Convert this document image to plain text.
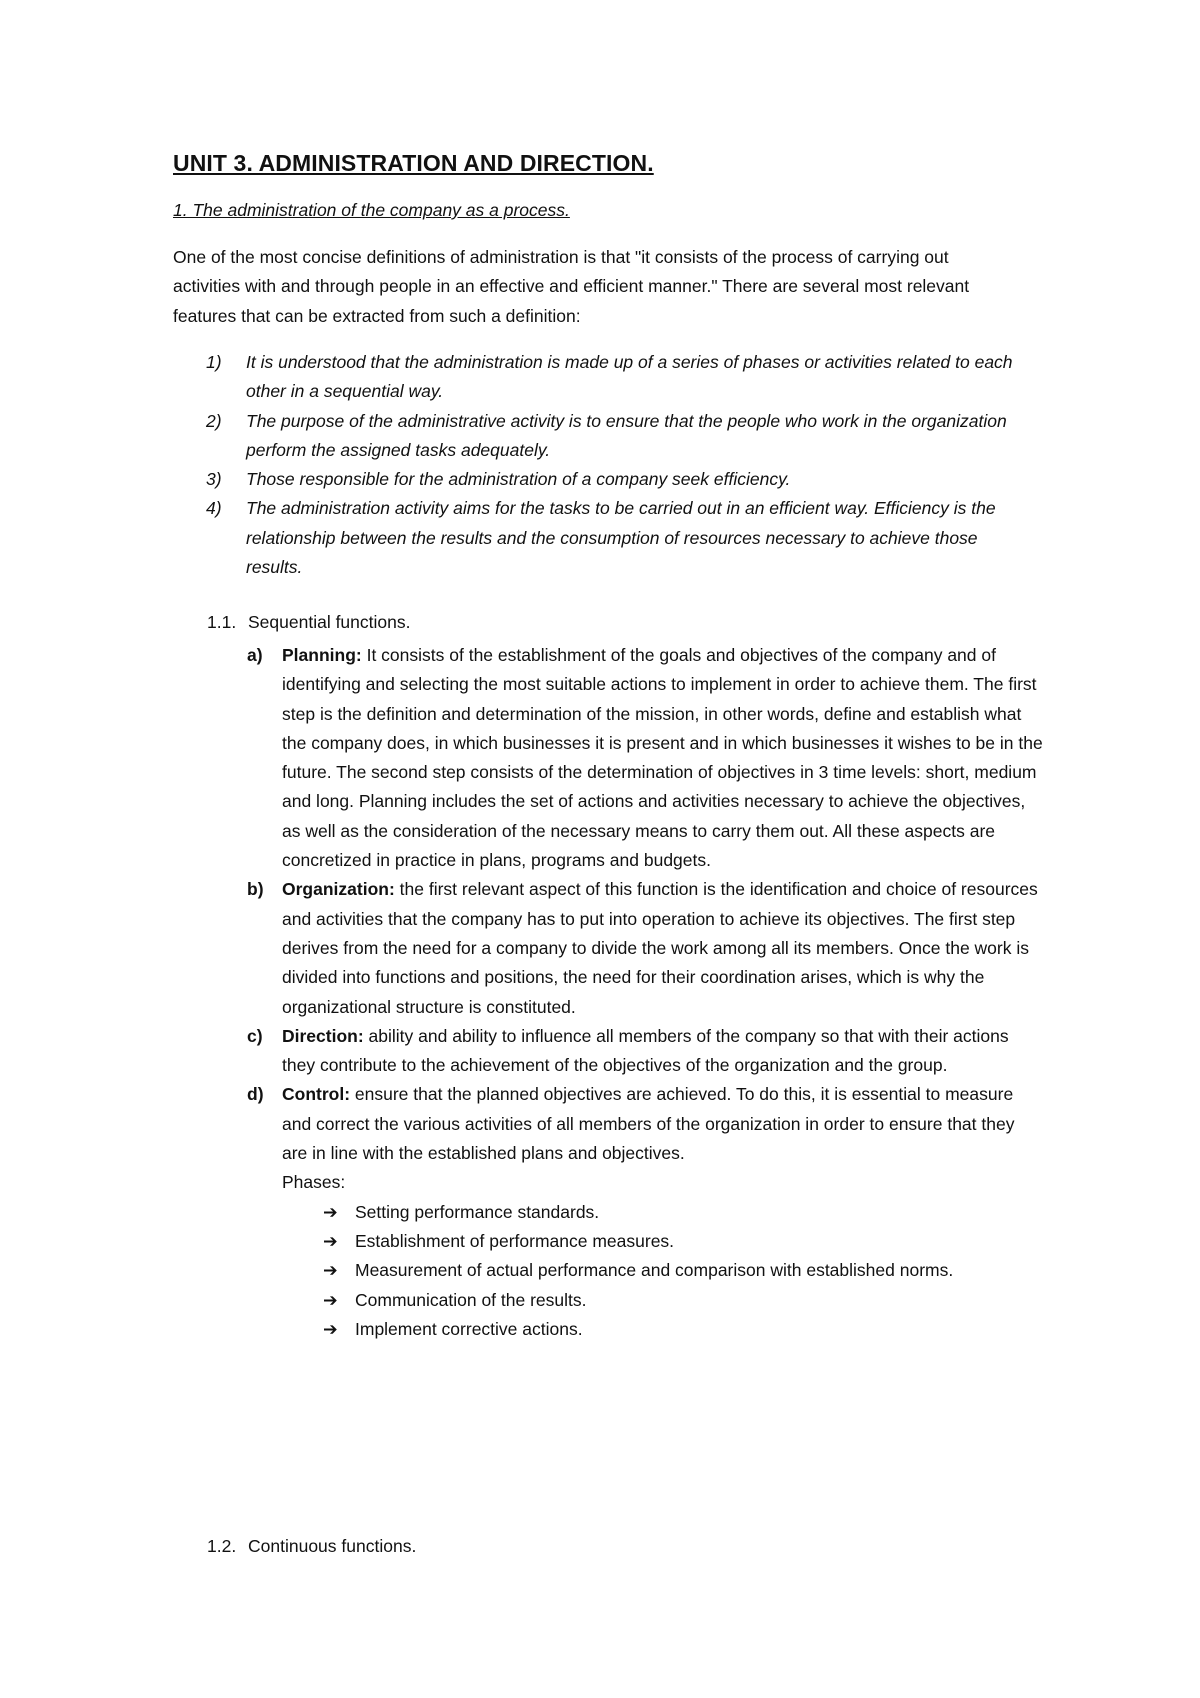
UNIT 3. ADMINISTRATION AND DIRECTION.
1. The administration of the company as a process.
One of the most concise definitions of administration is that "it consists of the process of carrying out activities with and through people in an effective and efficient manner." There are several most relevant features that can be extracted from such a definition:
1) It is understood that the administration is made up of a series of phases or activities related to each other in a sequential way.
2) The purpose of the administrative activity is to ensure that the people who work in the organization perform the assigned tasks adequately.
3) Those responsible for the administration of a company seek efficiency.
4) The administration activity aims for the tasks to be carried out in an efficient way. Efficiency is the relationship between the results and the consumption of resources necessary to achieve those results.
1.1. Sequential functions.
a) Planning: It consists of the establishment of the goals and objectives of the company and of identifying and selecting the most suitable actions to implement in order to achieve them. The first step is the definition and determination of the mission, in other words, define and establish what the company does, in which businesses it is present and in which businesses it wishes to be in the future. The second step consists of the determination of objectives in 3 time levels: short, medium and long. Planning includes the set of actions and activities necessary to achieve the objectives, as well as the consideration of the necessary means to carry them out. All these aspects are concretized in practice in plans, programs and budgets.
b) Organization: the first relevant aspect of this function is the identification and choice of resources and activities that the company has to put into operation to achieve its objectives. The first step derives from the need for a company to divide the work among all its members. Once the work is divided into functions and positions, the need for their coordination arises, which is why the organizational structure is constituted.
c) Direction: ability and ability to influence all members of the company so that with their actions they contribute to the achievement of the objectives of the organization and the group.
d) Control: ensure that the planned objectives are achieved. To do this, it is essential to measure and correct the various activities of all members of the organization in order to ensure that they are in line with the established plans and objectives.
Phases:
➔ Setting performance standards.
➔ Establishment of performance measures.
➔ Measurement of actual performance and comparison with established norms.
➔ Communication of the results.
➔ Implement corrective actions.
1.2. Continuous functions.
